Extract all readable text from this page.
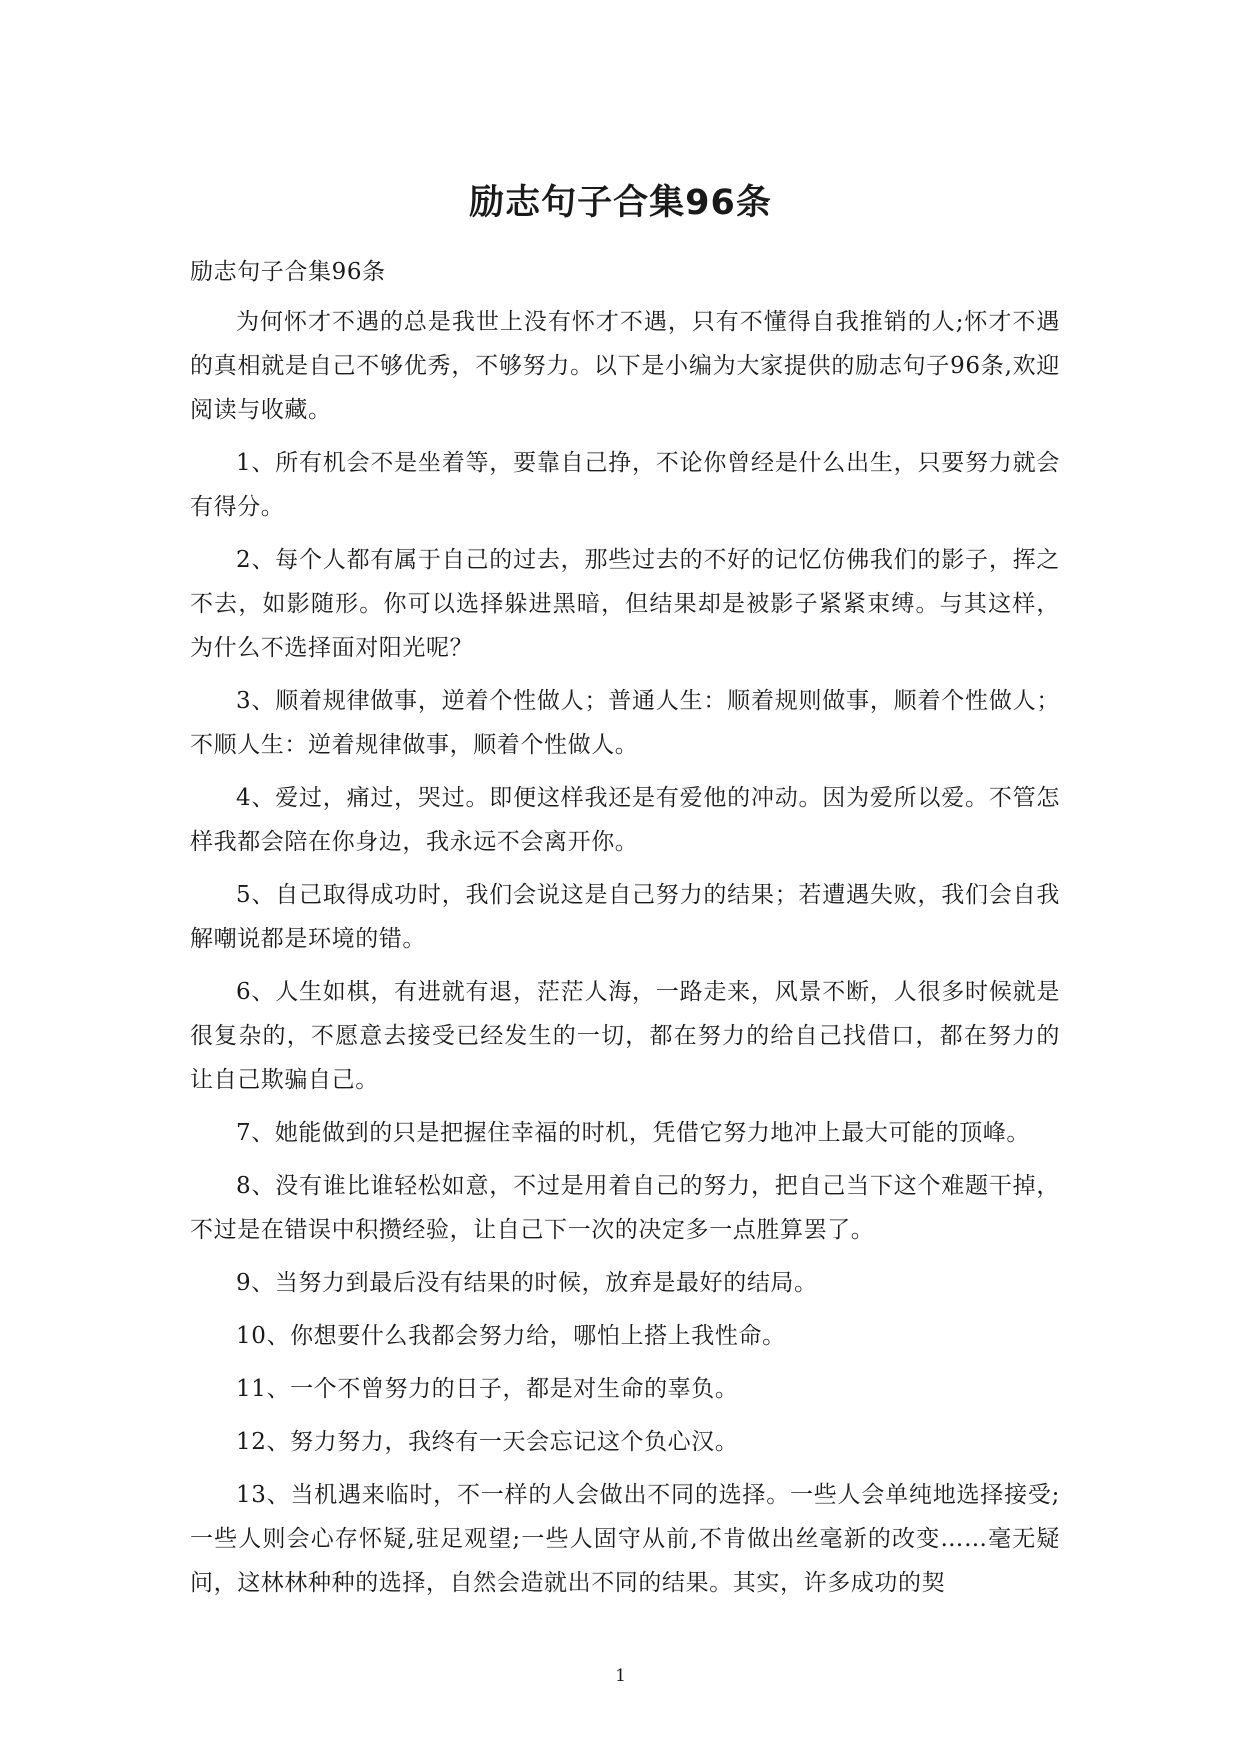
励志句子合集96条

励志句子合集96条

为何怀才不遇的总是我世上没有怀才不遇，只有不懂得自我推销的人;怀才不遇的真相就是自己不够优秀，不够努力。以下是小编为大家提供的励志句子96条,欢迎阅读与收藏。

1、所有机会不是坐着等，要靠自己挣，不论你曾经是什么出生，只要努力就会有得分。

2、每个人都有属于自己的过去，那些过去的不好的记忆仿佛我们的影子，挥之不去，如影随形。你可以选择躲进黑暗，但结果却是被影子紧紧束缚。与其这样，为什么不选择面对阳光呢？

3、顺着规律做事，逆着个性做人；普通人生：顺着规则做事，顺着个性做人；不顺人生：逆着规律做事，顺着个性做人。

4、爱过，痛过，哭过。即便这样我还是有爱他的冲动。因为爱所以爱。不管怎样我都会陪在你身边，我永远不会离开你。

5、自己取得成功时，我们会说这是自己努力的结果；若遭遇失败，我们会自我解嘲说都是环境的错。

6、人生如棋，有进就有退，茫茫人海，一路走来，风景不断，人很多时候就是很复杂的，不愿意去接受已经发生的一切，都在努力的给自己找借口，都在努力的让自己欺骗自己。

7、她能做到的只是把握住幸福的时机，凭借它努力地冲上最大可能的顶峰。

8、没有谁比谁轻松如意，不过是用着自己的努力，把自己当下这个难题干掉，不过是在错误中积攒经验，让自己下一次的决定多一点胜算罢了。

9、当努力到最后没有结果的时候，放弃是最好的结局。

10、你想要什么我都会努力给，哪怕上搭上我性命。

11、一个不曾努力的日子，都是对生命的辜负。

12、努力努力，我终有一天会忘记这个负心汉。

13、当机遇来临时，不一样的人会做出不同的选择。一些人会单纯地选择接受;一些人则会心存怀疑,驻足观望;一些人固守从前,不肯做出丝毫新的改变……毫无疑问，这林林种种的选择，自然会造就出不同的结果。其实，许多成功的契

1
